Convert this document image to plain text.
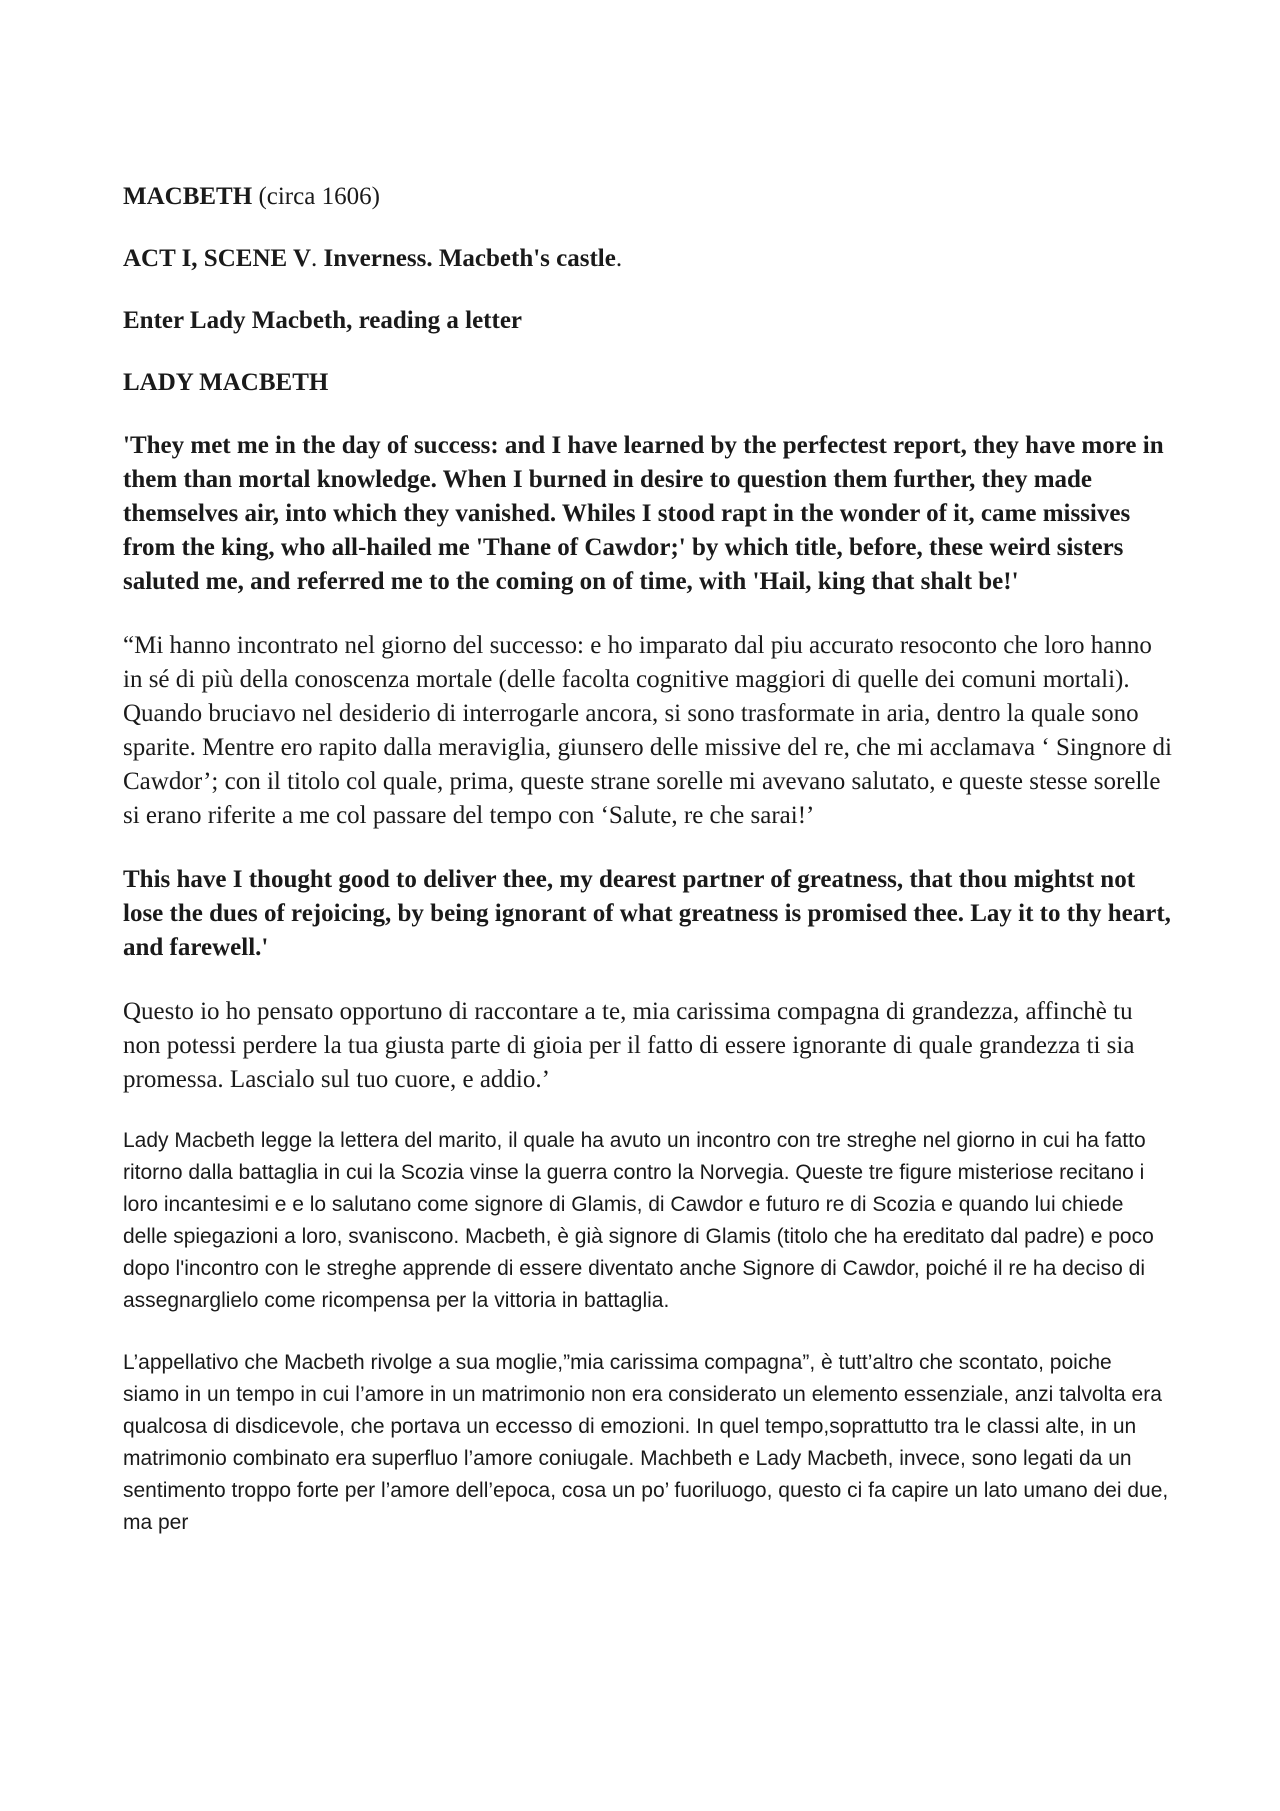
MACBETH (circa 1606)

ACT I, SCENE V. Inverness. Macbeth's castle.

Enter Lady Macbeth, reading a letter

LADY MACBETH

'They met me in the day of success: and I have learned by the perfectest report, they have more in them than mortal knowledge. When I burned in desire to question them further, they made themselves air, into which they vanished. Whiles I stood rapt in the wonder of it, came missives from the king, who all-hailed me 'Thane of Cawdor;' by which title, before, these weird sisters saluted me, and referred me to the coming on of time, with 'Hail, king that shalt be!'

“Mi hanno incontrato nel giorno del successo: e ho imparato dal piu accurato resoconto che loro hanno in sé di più della conoscenza mortale (delle facolta cognitive maggiori di quelle dei comuni mortali). Quando bruciavo nel desiderio di interrogarle ancora, si sono trasformate in aria, dentro la quale sono sparite. Mentre ero rapito dalla meraviglia, giunsero delle missive del re, che mi acclamava ‘ Singnore di Cawdor’; con il titolo col quale, prima, queste strane sorelle mi avevano salutato, e queste stesse sorelle si erano riferite a me col passare del tempo con ‘Salute, re che sarai!’

This have I thought good to deliver thee, my dearest partner of greatness, that thou mightst not lose the dues of rejoicing, by being ignorant of what greatness is promised thee. Lay it to thy heart, and farewell.'

Questo io ho pensato opportuno di raccontare a te, mia carissima compagna di grandezza, affinchè tu non potessi perdere la tua giusta parte di gioia per il fatto di essere ignorante di quale grandezza ti sia promessa. Lascialo sul tuo cuore, e addio.’

Lady Macbeth legge la lettera del marito, il quale ha avuto un incontro con tre streghe nel giorno in cui ha fatto ritorno dalla battaglia in cui la Scozia vinse la guerra contro la Norvegia. Queste tre figure misteriose recitano i loro incantesimi e e lo salutano come signore di Glamis, di Cawdor e futuro re di Scozia e quando lui chiede delle spiegazioni a loro, svaniscono. Macbeth, è già signore di Glamis (titolo che ha ereditato dal padre) e poco dopo l'incontro con le streghe apprende di essere diventato anche Signore di Cawdor, poiché il re ha deciso di assegnarglielo come ricompensa per la vittoria in battaglia.

L’appellativo che Macbeth rivolge a sua moglie,”mia carissima compagna”, è tutt’altro che scontato, poiche siamo in un tempo in cui l’amore in un matrimonio non era considerato un elemento essenziale, anzi talvolta era qualcosa di disdicevole, che portava un eccesso di emozioni. In quel tempo,soprattutto tra le classi alte, in un matrimonio combinato era superfluo l’amore coniugale. Machbeth e Lady Macbeth, invece, sono legati da un sentimento troppo forte per l’amore dell’epoca, cosa un po’ fuoriluogo, questo ci fa capire un lato umano dei due, ma per
